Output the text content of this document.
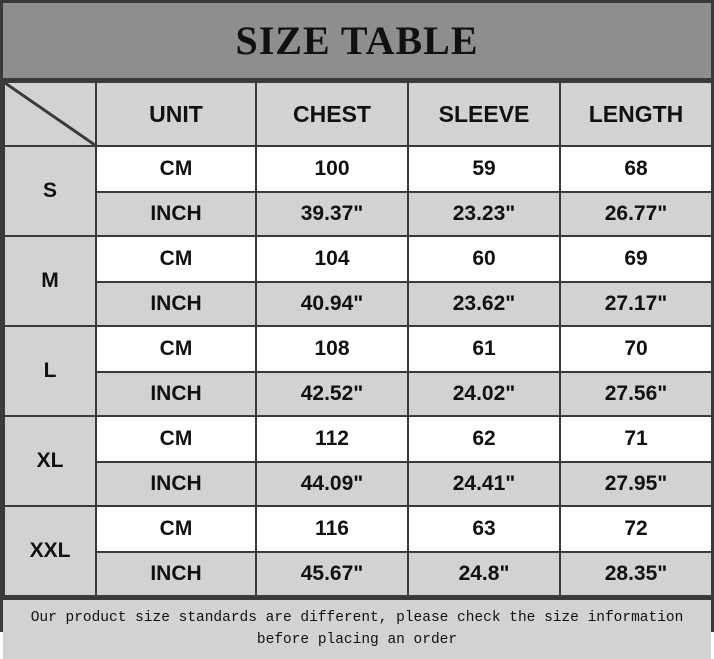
SIZE TABLE
	UNIT	CHEST	SLEEVE	LENGTH
S	CM	100	59	68
	INCH	39.37"	23.23"	26.77"
M	CM	104	60	69
	INCH	40.94"	23.62"	27.17"
L	CM	108	61	70
	INCH	42.52"	24.02"	27.56"
XL	CM	112	62	71
	INCH	44.09"	24.41"	27.95"
XXL	CM	116	63	72
	INCH	45.67"	24.8"	28.35"
Our product size standards are different, please check the size information
before placing an order
